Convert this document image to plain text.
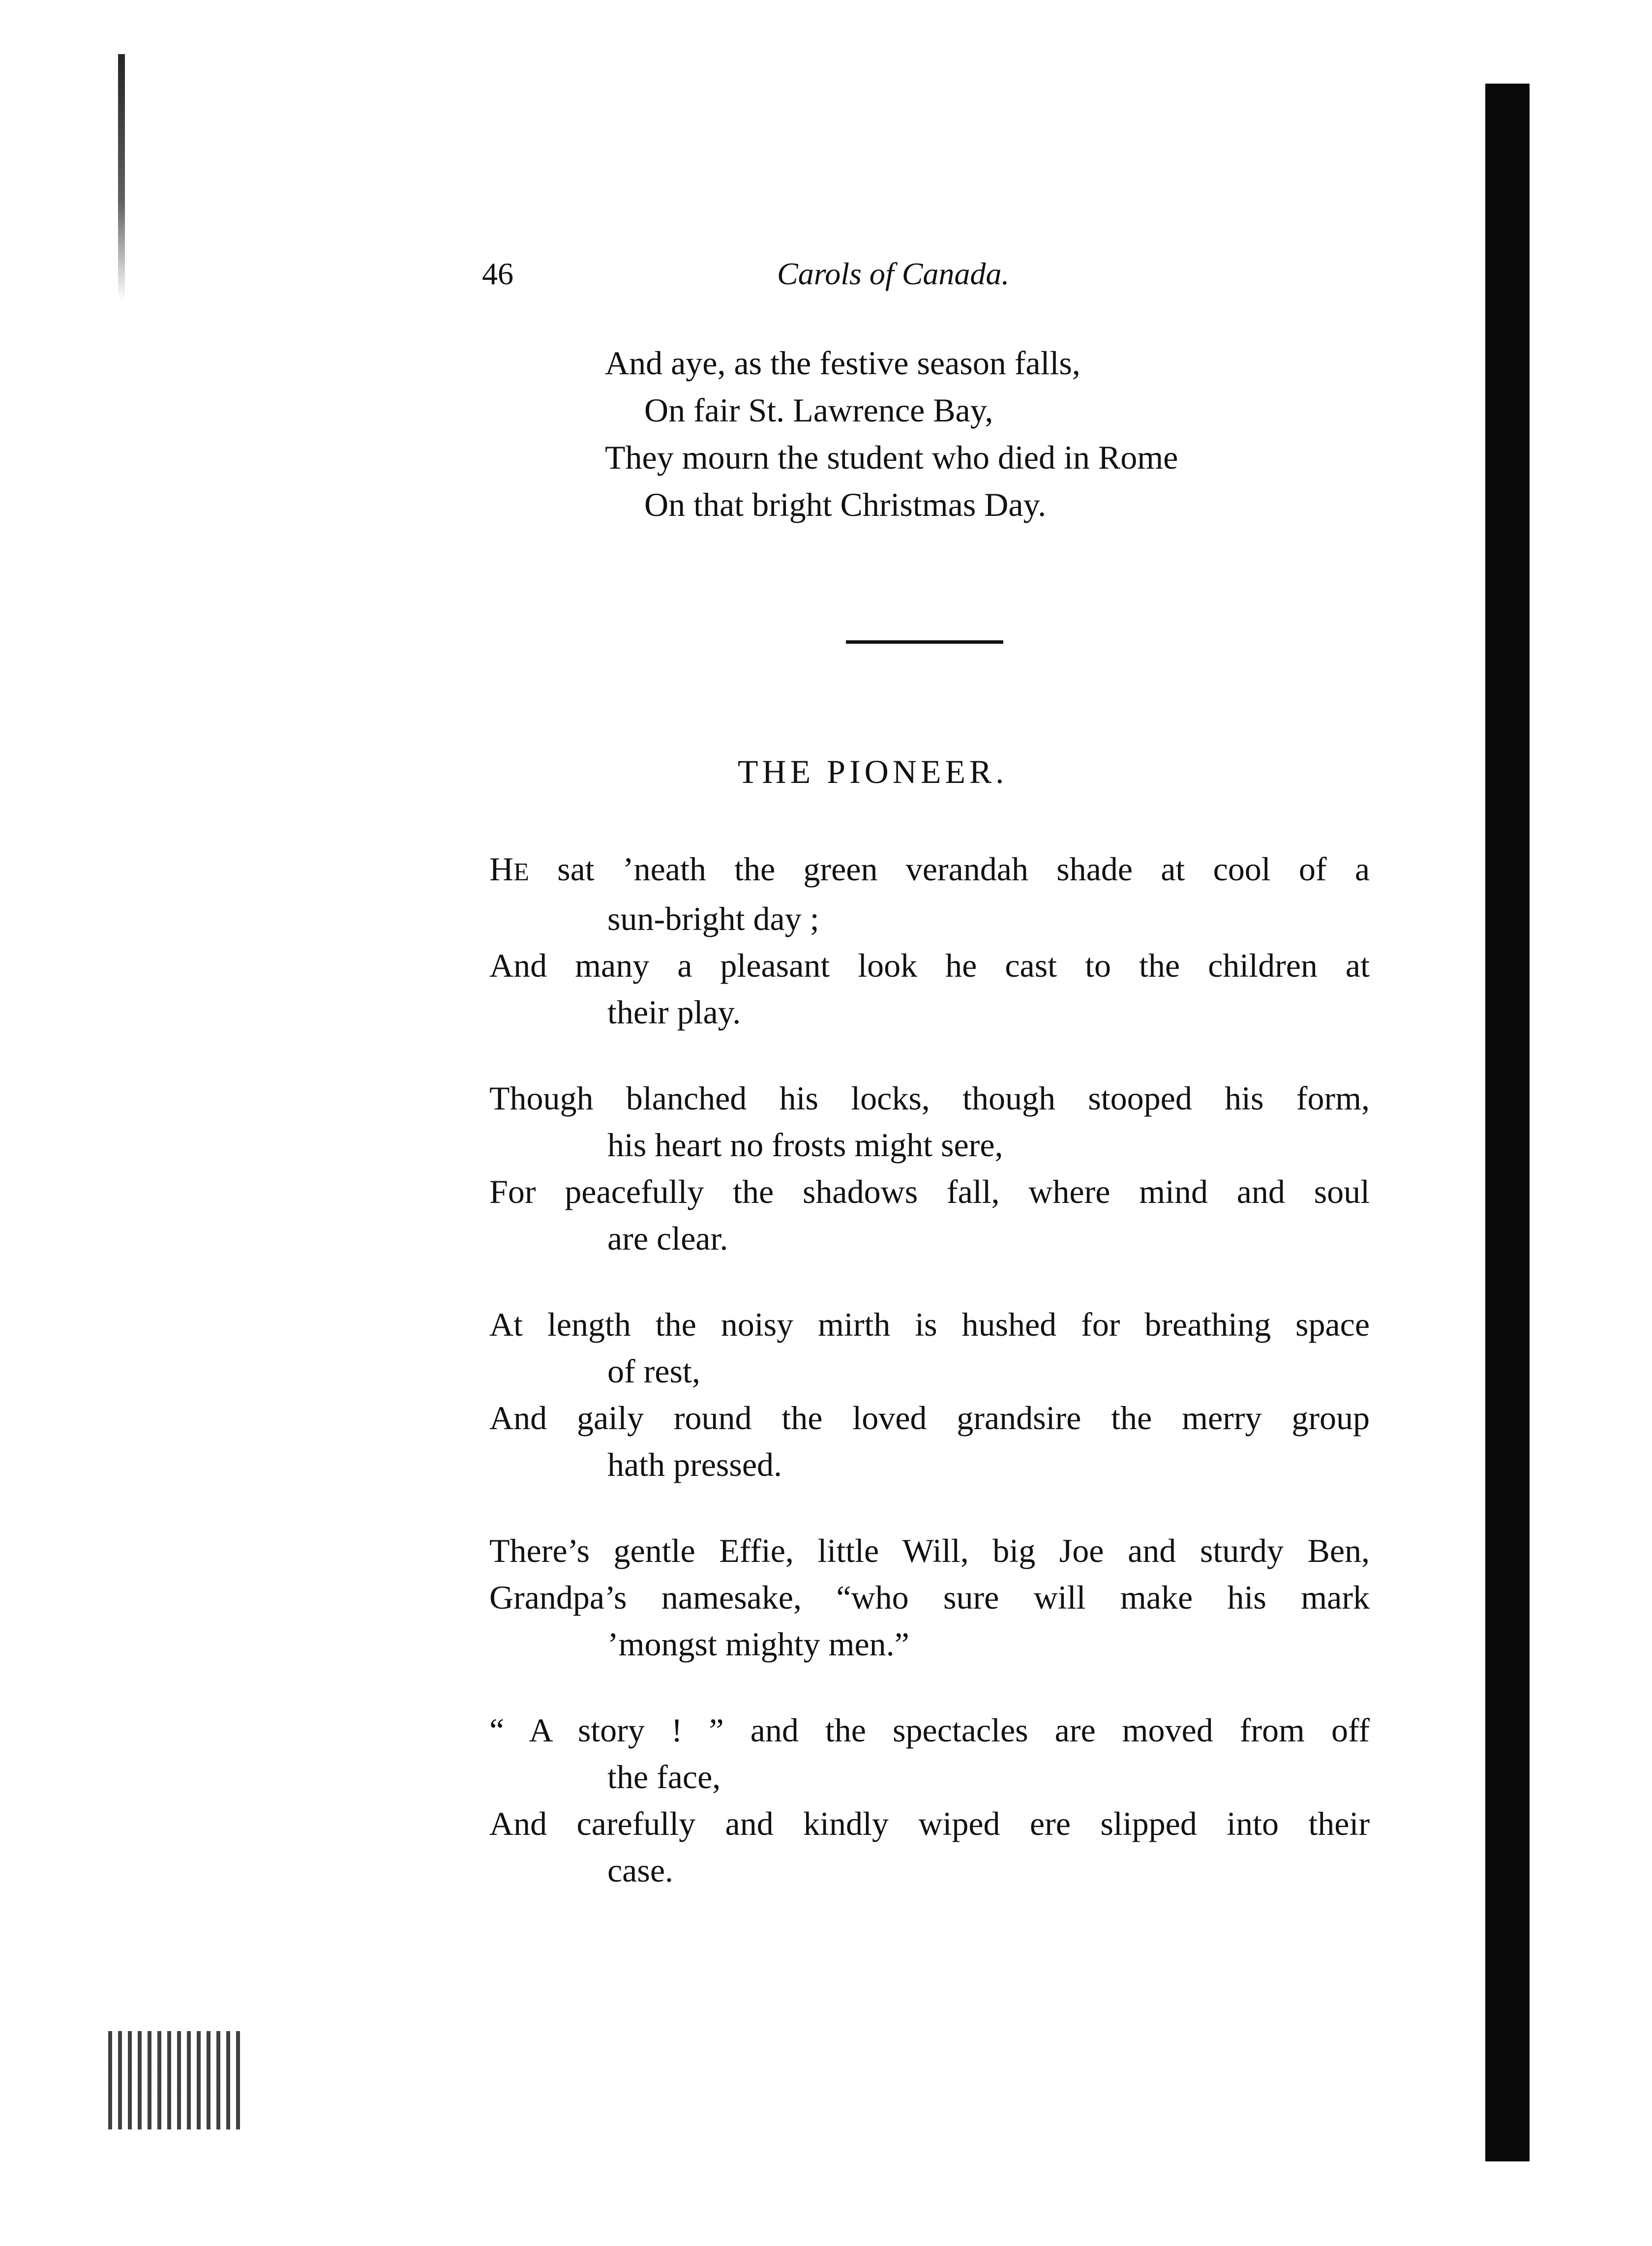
46	Carols of Canada.
And aye, as the festive season falls,
On fair St. Lawrence Bay,
They mourn the student who died in Rome
On that bright Christmas Day.
THE PIONEER.
HE sat ’neath the green verandah shade at cool of a
sun-bright day ;
And many a pleasant look he cast to the children at
their play.
Though blanched his locks, though stooped his form,
his heart no frosts might sere,
For peacefully the shadows fall, where mind and soul
are clear.
At length the noisy mirth is hushed for breathing space
of rest,
And gaily round the loved grandsire the merry group
hath pressed.
There’s gentle Effie, little Will, big Joe and sturdy Ben,
Grandpa’s namesake, “who sure will make his mark
’mongst mighty men.”
“ A story ! ” and the spectacles are moved from off
the face,
And carefully and kindly wiped ere slipped into their
case.
